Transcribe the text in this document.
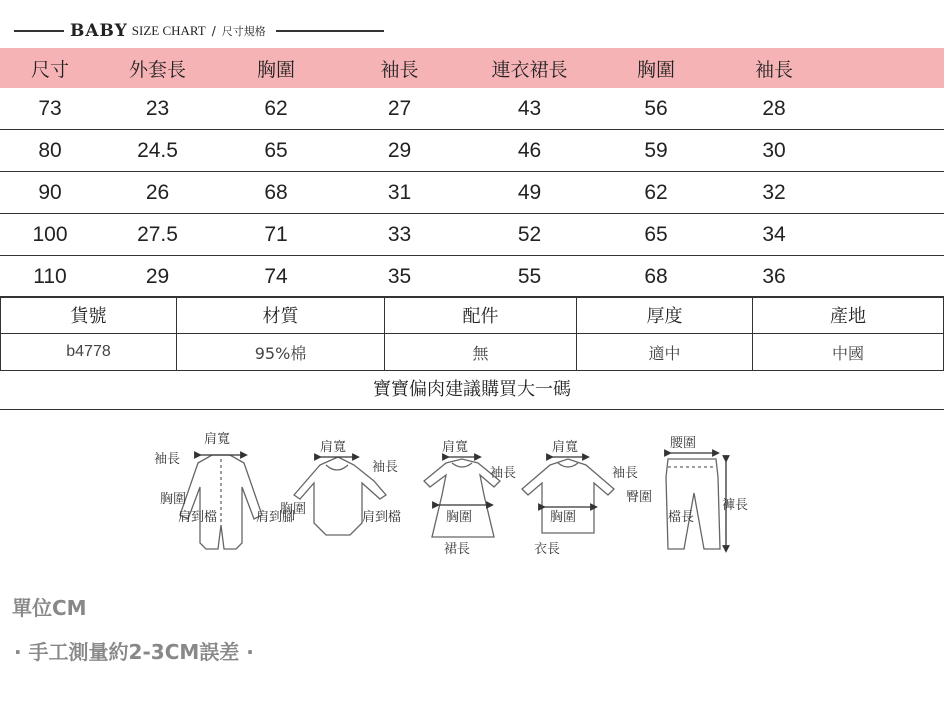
BABY SIZE CHART / 尺寸規格
尺寸	外套長	胸圍	袖長	連衣裙長	胸圍	袖長	
73	23	62	27	43	56	28	
80	24.5	65	29	46	59	30	
90	26	68	31	49	62	32	
100	27.5	71	33	52	65	34	
110	29	74	35	55	68	36	
貨號	材質	配件	厚度	產地
b4778	95%棉	無	適中	中國
寶寶偏肉建議購買大一碼
肩寬
袖長
胸圍
肩到檔	肩到腳
肩寬
袖長
胸圍
肩到檔
肩寬
袖長
胸圍
裙長
肩寬
袖長
胸圍
衣長
腰圍
臀圍
檔長
褲長
單位CM
· 手工測量約2-3CM誤差 ·
